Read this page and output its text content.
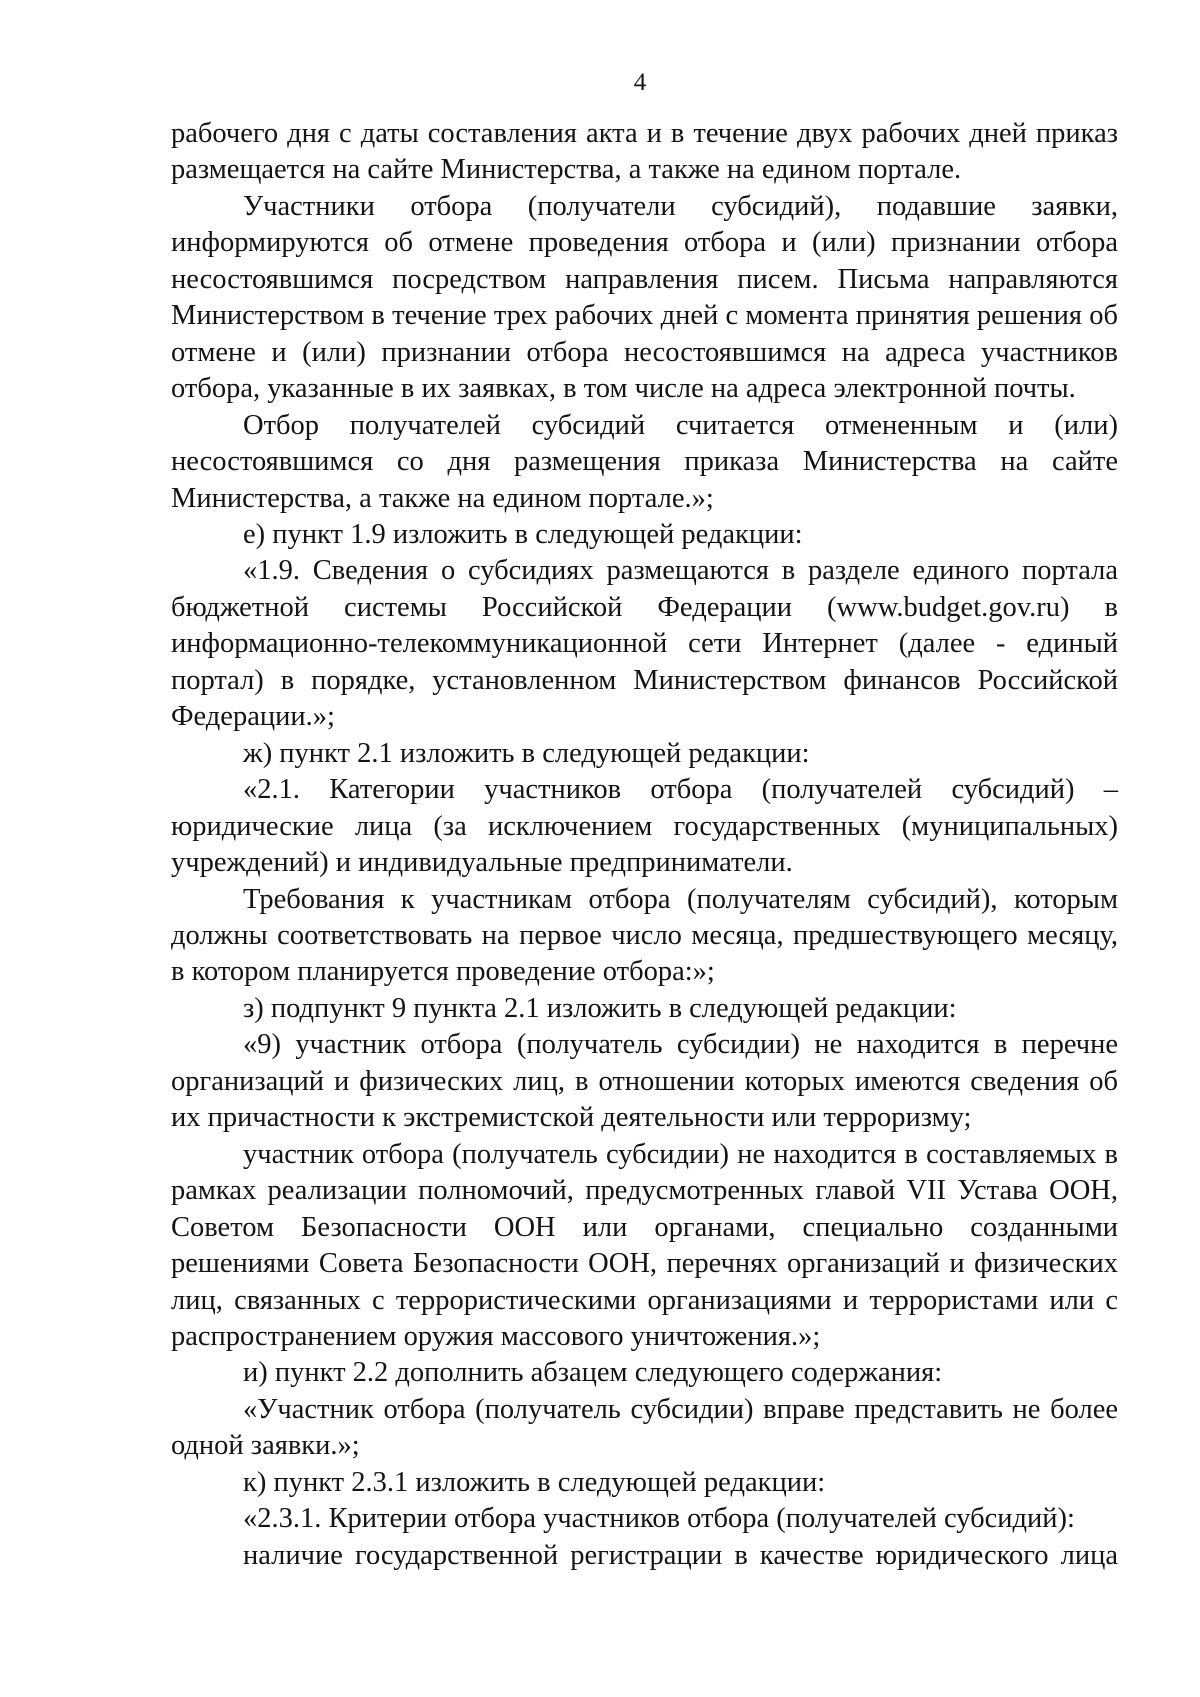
4

рабочего дня с даты составления акта и в течение двух рабочих дней приказ размещается на сайте Министерства, а также на едином портале.

Участники отбора (получатели субсидий), подавшие заявки, информируются об отмене проведения отбора и (или) признании отбора несостоявшимся посредством направления писем. Письма направляются Министерством в течение трех рабочих дней с момента принятия решения об отмене и (или) признании отбора несостоявшимся на адреса участников отбора, указанные в их заявках, в том числе на адреса электронной почты.

Отбор получателей субсидий считается отмененным и (или) несостоявшимся со дня размещения приказа Министерства на сайте Министерства, а также на едином портале.»;

е) пункт 1.9 изложить в следующей редакции:

«1.9. Сведения о субсидиях размещаются в разделе единого портала бюджетной системы Российской Федерации (www.budget.gov.ru) в информационно-телекоммуникационной сети Интернет (далее - единый портал) в порядке, установленном Министерством финансов Российской Федерации.»;

ж) пункт 2.1 изложить в следующей редакции:

«2.1. Категории участников отбора (получателей субсидий) – юридические лица (за исключением государственных (муниципальных) учреждений) и индивидуальные предприниматели.

Требования к участникам отбора (получателям субсидий), которым должны соответствовать на первое число месяца, предшествующего месяцу, в котором планируется проведение отбора:»;

з) подпункт 9 пункта 2.1 изложить в следующей редакции:

«9) участник отбора (получатель субсидии) не находится в перечне организаций и физических лиц, в отношении которых имеются сведения об их причастности к экстремистской деятельности или терроризму;

участник отбора (получатель субсидии) не находится в составляемых в рамках реализации полномочий, предусмотренных главой VII Устава ООН, Советом Безопасности ООН или органами, специально созданными решениями Совета Безопасности ООН, перечнях организаций и физических лиц, связанных с террористическими организациями и террористами или с распространением оружия массового уничтожения.»;

и) пункт 2.2 дополнить абзацем следующего содержания:

«Участник отбора (получатель субсидии) вправе представить не более одной заявки.»;

к) пункт 2.3.1 изложить в следующей редакции:

«2.3.1. Критерии отбора участников отбора (получателей субсидий):

наличие государственной регистрации в качестве юридического лица
